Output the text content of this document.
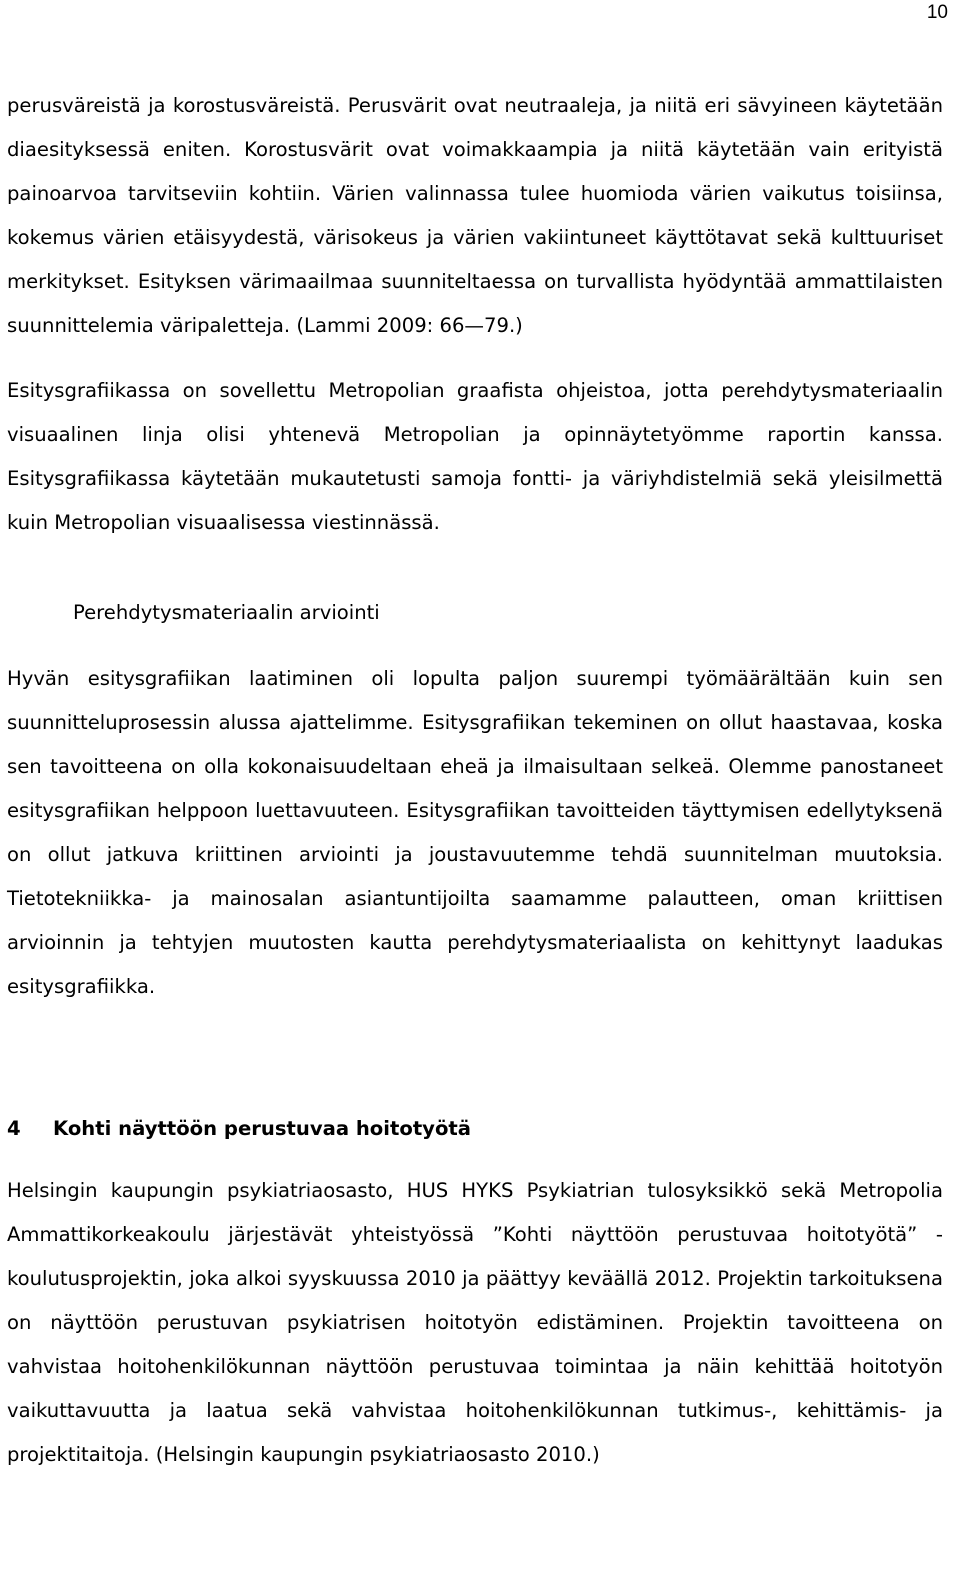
10

perusväreistä ja korostusväreistä. Perusvärit ovat neutraaleja, ja niitä eri sävyineen käytetään diaesityksessä eniten. Korostusvärit ovat voimakkaampia ja niitä käytetään vain erityistä painoarvoa tarvitseviin kohtiin. Värien valinnassa tulee huomioda värien vaikutus toisiinsa, kokemus värien etäisyydestä, värisokeus ja värien vakiintuneet käyttötavat sekä kulttuuriset merkitykset. Esityksen värimaailmaa suunniteltaessa on turvallista hyödyntää ammattilaisten suunnittelemia väripaletteja. (Lammi 2009: 66—79.)

Esitysgrafiikassa on sovellettu Metropolian graafista ohjeistoa, jotta perehdytysmateriaalin visuaalinen linja olisi yhtenevä Metropolian ja opinnäytetyömme raportin kanssa. Esitysgrafiikassa käytetään mukautetusti samoja fontti- ja väriyhdistelmiä sekä yleisilmettä kuin Metropolian visuaalisessa viestinnässä.

Perehdytysmateriaalin arviointi

Hyvän esitysgrafiikan laatiminen oli lopulta paljon suurempi työmäärältään kuin sen suunnitteluprosessin alussa ajattelimme. Esitysgrafiikan tekeminen on ollut haastavaa, koska sen tavoitteena on olla kokonaisuudeltaan eheä ja ilmaisultaan selkeä. Olemme panostaneet esitysgrafiikan helppoon luettavuuteen. Esitysgrafiikan tavoitteiden täyttymisen edellytyksenä on ollut jatkuva kriittinen arviointi ja joustavuutemme tehdä suunnitelman muutoksia. Tietotekniikka- ja mainosalan asiantuntijoilta saamamme palautteen, oman kriittisen arvioinnin ja tehtyjen muutosten kautta perehdytysmateriaalista on kehittynyt laadukas esitysgrafiikka.

4	Kohti näyttöön perustuvaa hoitotyötä

Helsingin kaupungin psykiatriaosasto, HUS HYKS Psykiatrian tulosyksikkö sekä Metropolia Ammattikorkeakoulu järjestävät yhteistyössä ”Kohti näyttöön perustuvaa hoitotyötä” -koulutusprojektin, joka alkoi syyskuussa 2010 ja päättyy keväällä 2012. Projektin tarkoituksena on näyttöön perustuvan psykiatrisen hoitotyön edistäminen. Projektin tavoitteena on vahvistaa hoitohenkilökunnan näyttöön perustuvaa toimintaa ja näin kehittää hoitotyön vaikuttavuutta ja laatua sekä vahvistaa hoitohenkilökunnan tutkimus-, kehittämis- ja projektitaitoja. (Helsingin kaupungin psykiatriaosasto 2010.)
